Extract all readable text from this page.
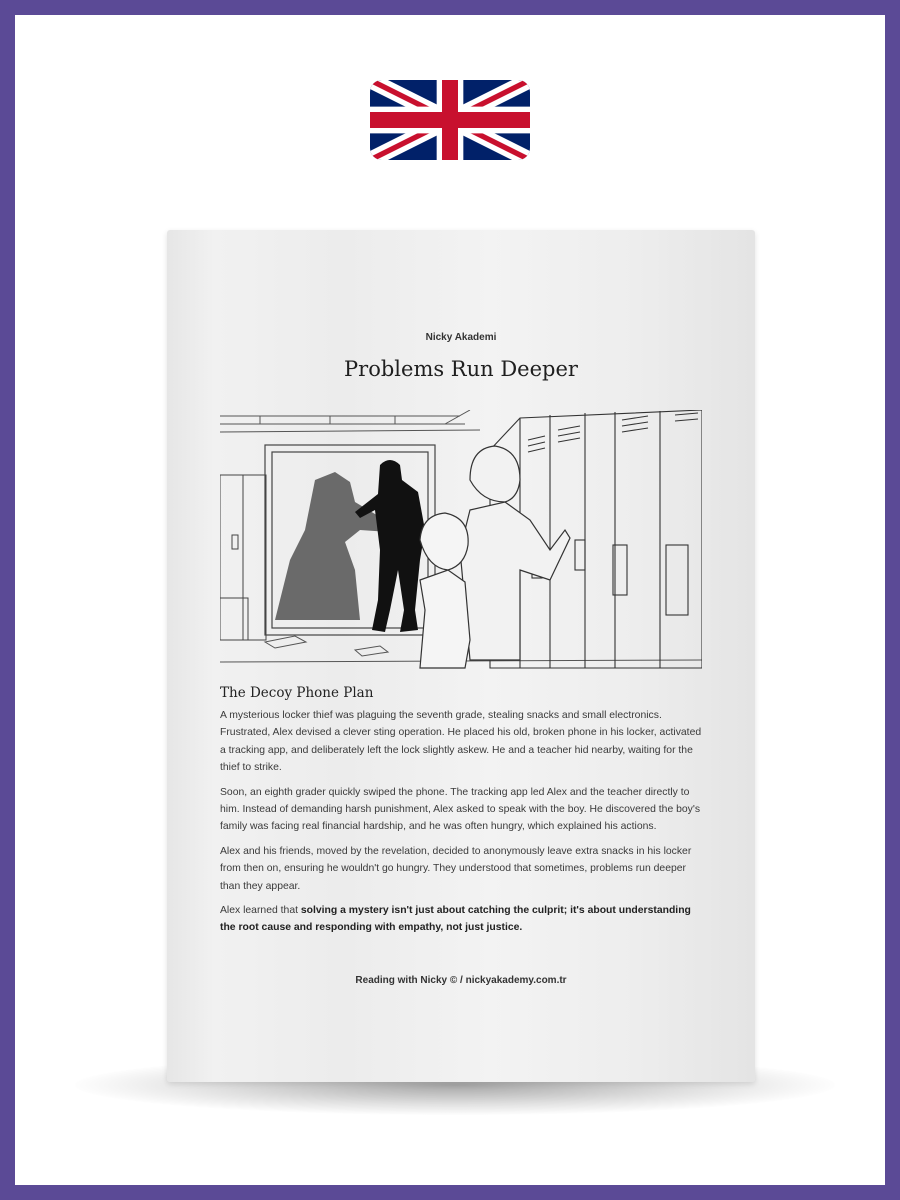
Nicky Akademi
Problems Run Deeper
The Decoy Phone Plan

A mysterious locker thief was plaguing the seventh grade, stealing snacks and small electronics. Frustrated, Alex devised a clever sting operation. He placed his old, broken phone in his locker, activated a tracking app, and deliberately left the lock slightly askew. He and a teacher hid nearby, waiting for the thief to strike.

Soon, an eighth grader quickly swiped the phone. The tracking app led Alex and the teacher directly to him. Instead of demanding harsh punishment, Alex asked to speak with the boy. He discovered the boy's family was facing real financial hardship, and he was often hungry, which explained his actions.

Alex and his friends, moved by the revelation, decided to anonymously leave extra snacks in his locker from then on, ensuring he wouldn't go hungry. They understood that sometimes, problems run deeper than they appear.

Alex learned that solving a mystery isn't just about catching the culprit; it's about understanding the root cause and responding with empathy, not just justice.

Reading with Nicky © / nickyakademy.com.tr
